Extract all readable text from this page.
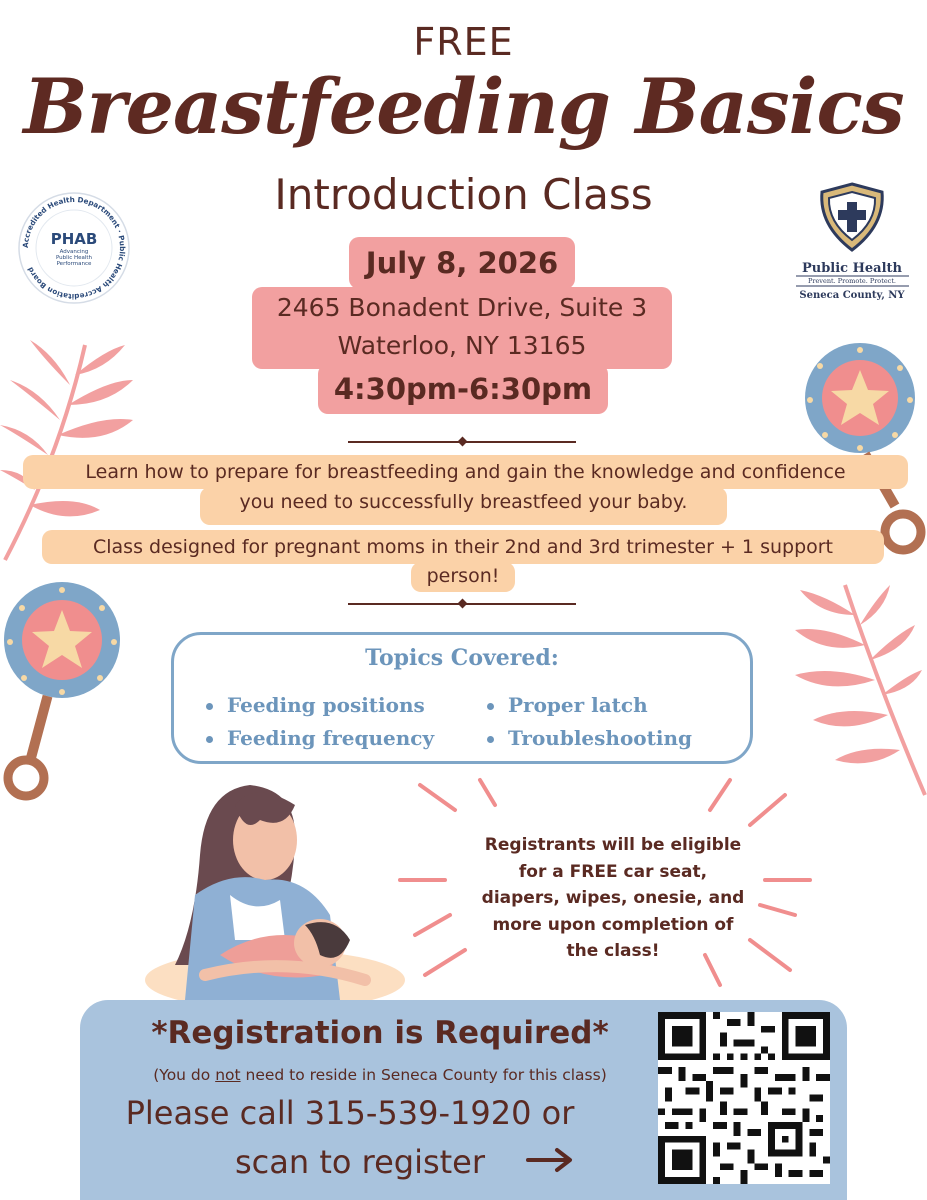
FREE
Breastfeeding Basics
Introduction Class
Accredited Health Department · Public Health Accreditation Board
PHAB
Advancing
Public Health
Performance	Public Health
Prevent. Promote. Protect.
Seneca County, NY
2465 Bonadent Drive, Suite 3
Waterloo, NY 13165
July 8, 2026
4:30pm-6:30pm
you need to successfully breastfeed your baby.
Learn how to prepare for breastfeeding and gain the knowledge and confidence
person!
Class designed for pregnant moms in their 2nd and 3rd trimester + 1 support
Topics Covered:
Feeding positions
Feeding frequency
Proper latch
Troubleshooting
Registrants will be eligible
for a FREE car seat,
diapers, wipes, onesie, and
more upon completion of
the class!
*Registration is Required*
(You do not need to reside in Seneca County for this class)
Please call 315-539-1920 or
scan to register
